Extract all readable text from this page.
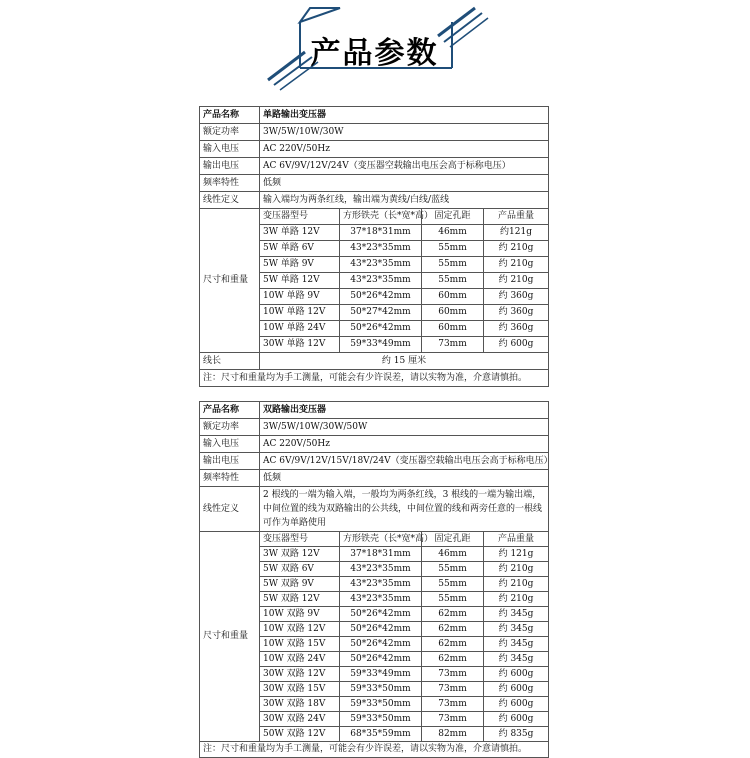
产品参数
产品名称	单路输出变压器			
额定功率	3W/5W/10W/30W			
输入电压	AC 220V/50Hz			
输出电压	AC 6V/9V/12V/24V（变压器空载输出电压会高于标称电压）			
频率特性	低频			
线性定义	输入端均为两条红线，输出端为黄线/白线/蓝线			
尺寸和重量	变压器型号	方形铁壳（长*宽*高）	固定孔距	产品重量
	3W 单路 12V	37*18*31mm	46mm	约121g
	5W 单路 6V	43*23*35mm	55mm	约 210g
	5W 单路 9V	43*23*35mm	55mm	约 210g
	5W 单路 12V	43*23*35mm	55mm	约 210g
	10W 单路 9V	50*26*42mm	60mm	约 360g
	10W 单路 12V	50*27*42mm	60mm	约 360g
	10W 单路 24V	50*26*42mm	60mm	约 360g
	30W 单路 12V	59*33*49mm	73mm	约 600g
线长	约 15 厘米			
注：尺寸和重量均为手工测量，可能会有少许误差，请以实物为准，介意请慎拍。				
产品名称	双路输出变压器			
额定功率	3W/5W/10W/30W/50W			
输入电压	AC 220V/50Hz			
输出电压	AC 6V/9V/12V/15V/18V/24V（变压器空载输出电压会高于标称电压）			
频率特性	低频			
线性定义	2 根线的一端为输入端，一般均为两条红线，3 根线的一端为输出端，中间位置的线为双路输出的公共线，中间位置的线和两旁任意的一根线可作为单路使用			
尺寸和重量	变压器型号	方形铁壳（长*宽*高）	固定孔距	产品重量
	3W 双路 12V	37*18*31mm	46mm	约 121g
	5W 双路 6V	43*23*35mm	55mm	约 210g
	5W 双路 9V	43*23*35mm	55mm	约 210g
	5W 双路 12V	43*23*35mm	55mm	约 210g
	10W 双路 9V	50*26*42mm	62mm	约 345g
	10W 双路 12V	50*26*42mm	62mm	约 345g
	10W 双路 15V	50*26*42mm	62mm	约 345g
	10W 双路 24V	50*26*42mm	62mm	约 345g
	30W 双路 12V	59*33*49mm	73mm	约 600g
	30W 双路 15V	59*33*50mm	73mm	约 600g
	30W 双路 18V	59*33*50mm	73mm	约 600g
	30W 双路 24V	59*33*50mm	73mm	约 600g
	50W 双路 12V	68*35*59mm	82mm	约 835g
注：尺寸和重量均为手工测量，可能会有少许误差，请以实物为准，介意请慎拍。				
